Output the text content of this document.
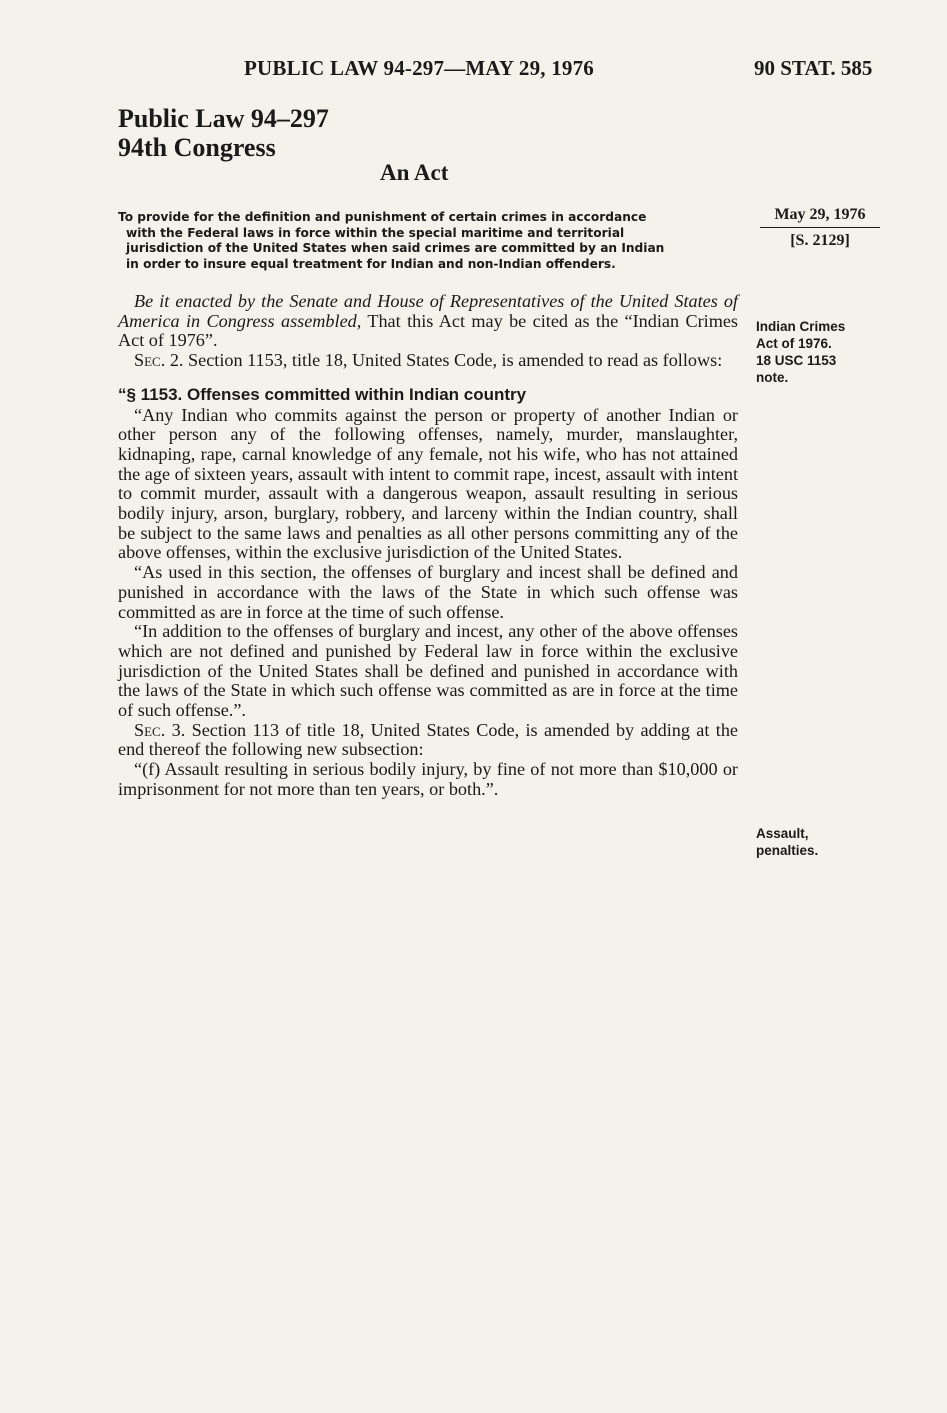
PUBLIC LAW 94-297—MAY 29, 1976	90 STAT. 585
Public Law 94–297
94th Congress
An Act
To provide for the definition and punishment of certain crimes in accordance
with the Federal laws in force within the special maritime and territorial
jurisdiction of the United States when said crimes are committed by an Indian
in order to insure equal treatment for Indian and non-Indian offenders.
May 29, 1976
[S. 2129]

Be it enacted by the Senate and House of Representatives of the United States of America in Congress assembled, That this Act may be cited as the “Indian Crimes Act of 1976”.

Sec. 2. Section 1153, title 18, United States Code, is amended to read as follows:

“§ 1153. Offenses committed within Indian country

“Any Indian who commits against the person or property of another Indian or other person any of the following offenses, namely, murder, manslaughter, kidnaping, rape, carnal knowledge of any female, not his wife, who has not attained the age of sixteen years, assault with intent to commit rape, incest, assault with intent to commit murder, assault with a dangerous weapon, assault resulting in serious bodily injury, arson, burglary, robbery, and larceny within the Indian country, shall be subject to the same laws and penalties as all other persons committing any of the above offenses, within the exclusive jurisdiction of the United States.

“As used in this section, the offenses of burglary and incest shall be defined and punished in accordance with the laws of the State in which such offense was committed as are in force at the time of such offense.

“In addition to the offenses of burglary and incest, any other of the above offenses which are not defined and punished by Federal law in force within the exclusive jurisdiction of the United States shall be defined and punished in accordance with the laws of the State in which such offense was committed as are in force at the time of such offense.”.

Sec. 3. Section 113 of title 18, United States Code, is amended by adding at the end thereof the following new subsection:

“(f) Assault resulting in serious bodily injury, by fine of not more than $10,000 or imprisonment for not more than ten years, or both.”.

Indian Crimes
Act of 1976.
18 USC 1153
note.
Assault,
penalties.
